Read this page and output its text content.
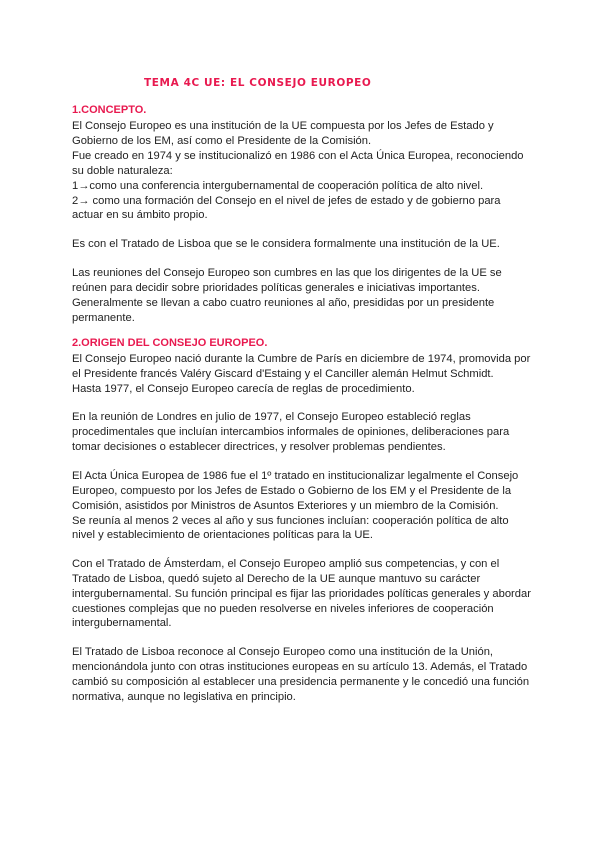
TEMA 4C UE: EL CONSEJO EUROPEO
1.CONCEPTO.
El Consejo Europeo es una institución de la UE compuesta por los Jefes de Estado y
Gobierno de los EM, así como el Presidente de la Comisión.
Fue creado en 1974 y se institucionalizó en 1986 con el Acta Única Europea, reconociendo
su doble naturaleza:
1→como una conferencia intergubernamental de cooperación política de alto nivel.
2→ como una formación del Consejo en el nivel de jefes de estado y de gobierno para
actuar en su ámbito propio.
Es con el Tratado de Lisboa que se le considera formalmente una institución de la UE.
Las reuniones del Consejo Europeo son cumbres en las que los dirigentes de la UE se
reúnen para decidir sobre prioridades políticas generales e iniciativas importantes.
Generalmente se llevan a cabo cuatro reuniones al año, presididas por un presidente
permanente.
2.ORIGEN DEL CONSEJO EUROPEO.
El Consejo Europeo nació durante la Cumbre de París en diciembre de 1974, promovida por
el Presidente francés Valéry Giscard d'Estaing y el Canciller alemán Helmut Schmidt.
Hasta 1977, el Consejo Europeo carecía de reglas de procedimiento.
En la reunión de Londres en julio de 1977, el Consejo Europeo estableció reglas
procedimentales que incluían intercambios informales de opiniones, deliberaciones para
tomar decisiones o establecer directrices, y resolver problemas pendientes.
El Acta Única Europea de 1986 fue el 1º tratado en institucionalizar legalmente el Consejo
Europeo, compuesto por los Jefes de Estado o Gobierno de los EM y el Presidente de la
Comisión, asistidos por Ministros de Asuntos Exteriores y un miembro de la Comisión.
Se reunía al menos 2 veces al año y sus funciones incluían: cooperación política de alto
nivel y establecimiento de orientaciones políticas para la UE.
Con el Tratado de Ámsterdam, el Consejo Europeo amplió sus competencias, y con el
Tratado de Lisboa, quedó sujeto al Derecho de la UE aunque mantuvo su carácter
intergubernamental. Su función principal es fijar las prioridades políticas generales y abordar
cuestiones complejas que no pueden resolverse en niveles inferiores de cooperación
intergubernamental.
El Tratado de Lisboa reconoce al Consejo Europeo como una institución de la Unión,
mencionándola junto con otras instituciones europeas en su artículo 13. Además, el Tratado
cambió su composición al establecer una presidencia permanente y le concedió una función
normativa, aunque no legislativa en principio.
